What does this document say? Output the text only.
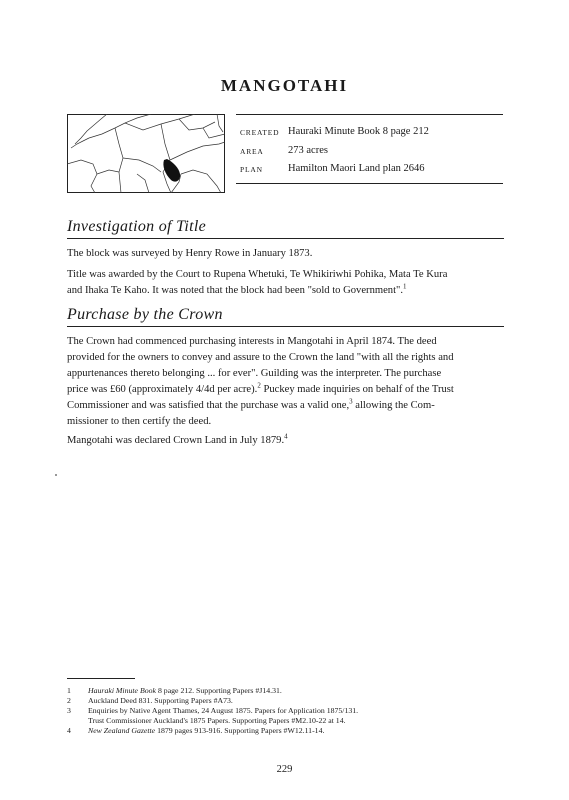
MANGOTAHI
CREATED Hauraki Minute Book 8 page 212
AREA	273 acres
PLAN	Hamilton Maori Land plan 2646
Investigation of Title

The block was surveyed by Henry Rowe in January 1873.

Title was awarded by the Court to Rupena Whetuki, Te Whikiriwhi Pohika, Mata Te Kura
and Ihaka Te Kaho. It was noted that the block had been "sold to Government".$^1$

Purchase by the Crown

The Crown had commenced purchasing interests in Mangotahi in April 1874. The deed
provided for the owners to convey and assure to the Crown the land "with all the rights and
appurtenances thereto belonging ... for ever". Guilding was the interpreter. The purchase
price was £60 (approximately 4/4d per acre).$^2$ Puckey made inquiries on behalf of the Trust
Commissioner and was satisfied that the purchase was a valid one,$^3$ allowing the Com-
missioner to then certify the deed.

Mangotahi was declared Crown Land in July 1879.$^4$

1	Hauraki Minute Book 8 page 212. Supporting Papers #J14.31.
2	Auckland Deed 831. Supporting Papers #A73.
3	Enquiries by Native Agent Thames, 24 August 1875. Papers for Application 1875/131.
Trust Commissioner Auckland's 1875 Papers. Supporting Papers #M2.10-22 at 14.
4	New Zealand Gazette 1879 pages 913-916. Supporting Papers #W12.11-14.
229
